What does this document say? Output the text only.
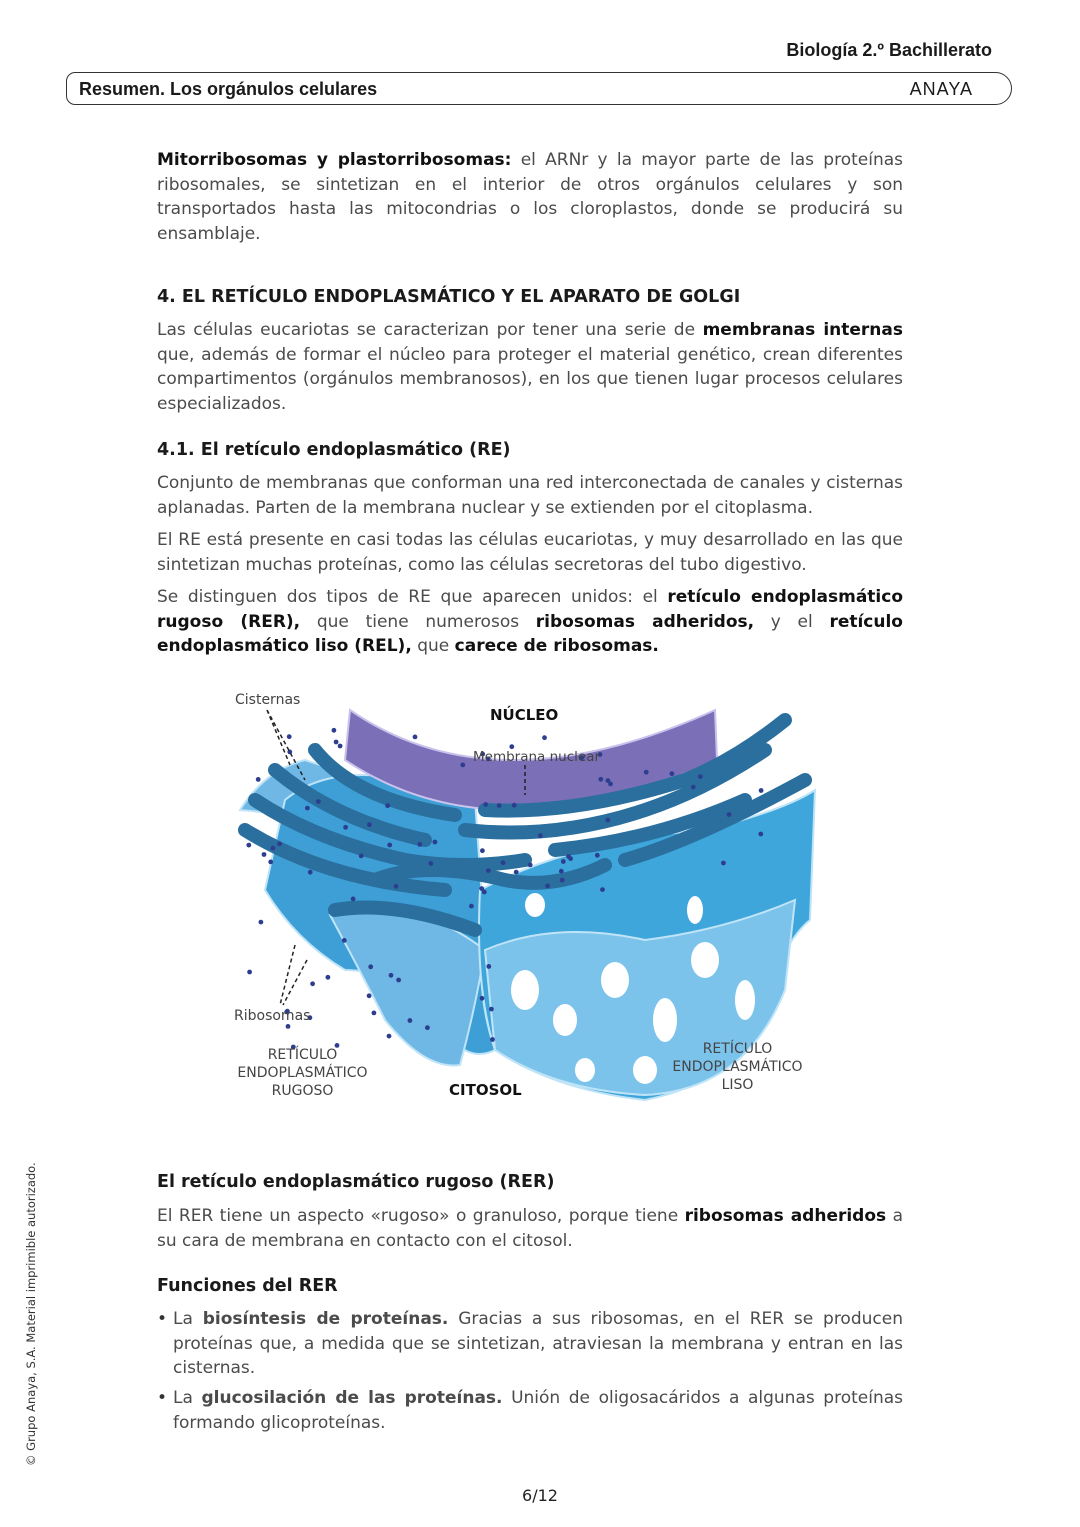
Biología 2.º Bachillerato
Resumen. Los orgánulos celulares	ANAYA
Mitorribosomas y plastorribosomas: el ARNr y la mayor parte de las proteínas ribosomales, se sintetizan en el interior de otros orgánulos celulares y son transportados hasta las mitocondrias o los cloroplastos, donde se producirá su ensamblaje.
4. EL RETÍCULO ENDOPLASMÁTICO Y EL APARATO DE GOLGI
Las células eucariotas se caracterizan por tener una serie de membranas internas que, además de formar el núcleo para proteger el material genético, crean diferentes compartimentos (orgánulos membranosos), en los que tienen lugar procesos celulares especializados.
4.1. El retículo endoplasmático (RE)
Conjunto de membranas que conforman una red interconectada de canales y cisternas aplanadas. Parten de la membrana nuclear y se extienden por el citoplasma.
El RE está presente en casi todas las células eucariotas, y muy desarrollado en las que sintetizan muchas proteínas, como las células secretoras del tubo digestivo.
Se distinguen dos tipos de RE que aparecen unidos: el retículo endoplasmático rugoso (RER), que tiene numerosos ribosomas adheridos, y el retículo endoplasmático liso (REL), que carece de ribosomas.
El retículo endoplasmático rugoso (RER)
El RER tiene un aspecto «rugoso» o granuloso, porque tiene ribosomas adheridos a su cara de membrana en contacto con el citosol.
Funciones del RER
• La biosíntesis de proteínas. Gracias a sus ribosomas, en el RER se producen proteínas que, a medida que se sintetizan, atraviesan la membrana y entran en las cisternas.
• La glucosilación de las proteínas. Unión de oligosacáridos a algunas proteínas formando glicoproteínas.
Cisternas
NÚCLEO
Membrana nuclear
Ribosomas
RETÍCULO
ENDOPLASMÁTICO
RUGOSO	CITOSOL
RETÍCULO
ENDOPLASMÁTICO
LISO
© Grupo Anaya, S.A. Material imprimible autorizado.
6/12
